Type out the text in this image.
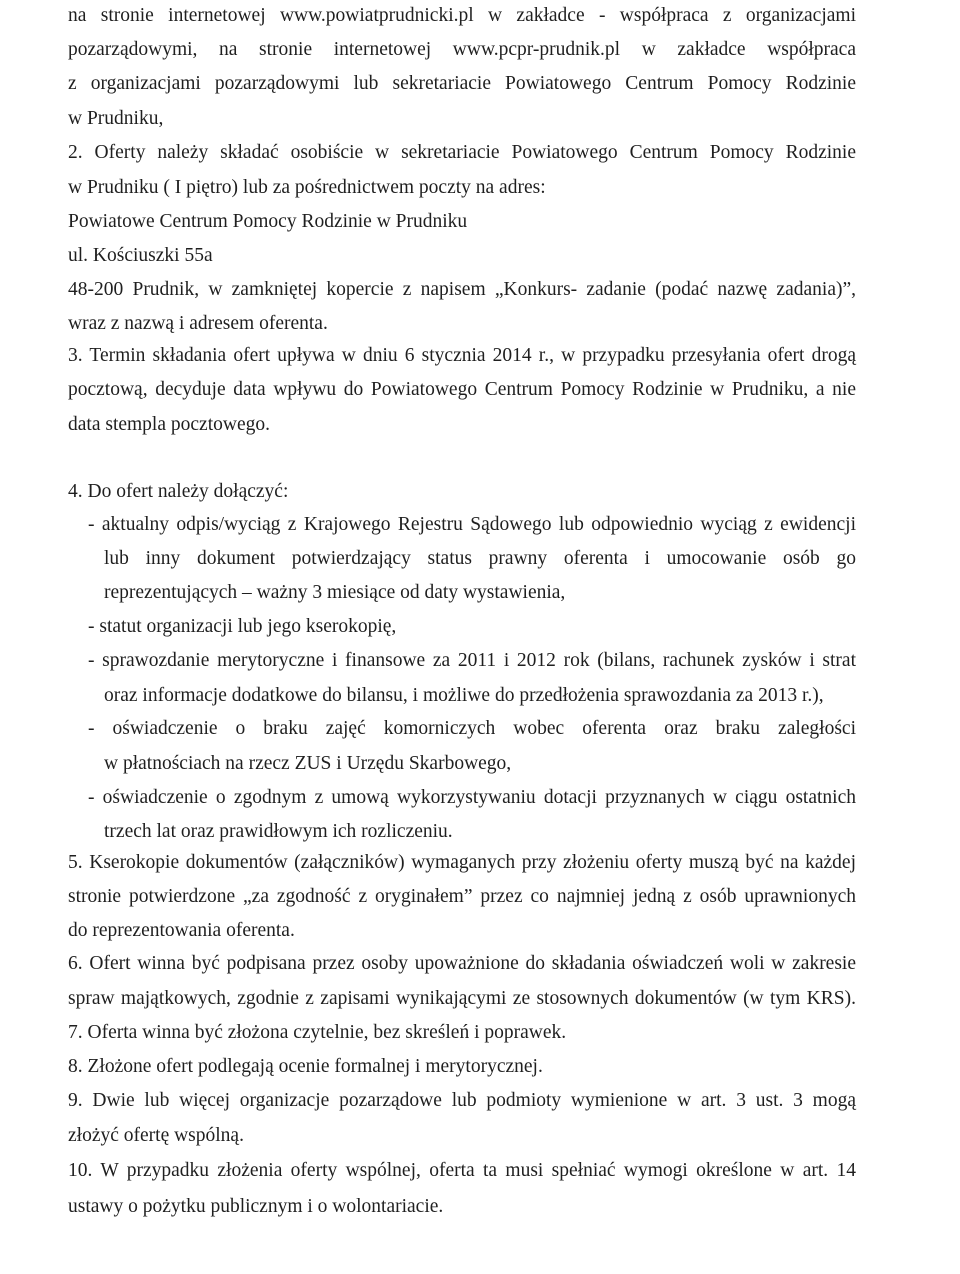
na stronie internetowej www.powiatprudnicki.pl w zakładce - współpraca z organizacjami
pozarządowymi, na stronie internetowej www.pcpr-prudnik.pl w zakładce współpraca
z organizacjami pozarządowymi lub sekretariacie Powiatowego Centrum Pomocy Rodzinie
w Prudniku,
2. Oferty należy składać osobiście w sekretariacie Powiatowego Centrum Pomocy Rodzinie
w Prudniku ( I piętro) lub za pośrednictwem poczty na adres:
Powiatowe Centrum Pomocy Rodzinie w Prudniku
ul. Kościuszki 55a
48-200 Prudnik, w zamkniętej kopercie z napisem „Konkurs- zadanie (podać nazwę zadania)”,
wraz z nazwą i adresem oferenta.
3. Termin składania ofert upływa w dniu 6 stycznia 2014 r., w przypadku przesyłania ofert drogą
pocztową, decyduje data wpływu do Powiatowego Centrum Pomocy Rodzinie w Prudniku, a nie
data stempla pocztowego.
4. Do ofert należy dołączyć:
- aktualny odpis/wyciąg z Krajowego Rejestru Sądowego lub odpowiednio wyciąg z ewidencji
lub inny dokument potwierdzający status prawny oferenta i umocowanie osób go
reprezentujących – ważny 3 miesiące od daty wystawienia,
- statut organizacji lub jego kserokopię,
- sprawozdanie merytoryczne i finansowe za 2011 i 2012 rok (bilans, rachunek zysków i strat
oraz informacje dodatkowe do bilansu, i możliwe do przedłożenia sprawozdania za 2013 r.),
- oświadczenie o braku zajęć komorniczych wobec oferenta oraz braku zaległości
w płatnościach na rzecz ZUS i Urzędu Skarbowego,
- oświadczenie o zgodnym z umową wykorzystywaniu dotacji przyznanych w ciągu ostatnich
trzech lat oraz prawidłowym ich rozliczeniu.
5. Kserokopie dokumentów (załączników) wymaganych przy złożeniu oferty muszą być na każdej
stronie potwierdzone „za zgodność z oryginałem” przez co najmniej jedną z osób uprawnionych
do reprezentowania oferenta.
6. Ofert winna być podpisana przez osoby upoważnione do składania oświadczeń woli w zakresie
spraw majątkowych, zgodnie z zapisami wynikającymi ze stosownych dokumentów (w tym KRS).
7. Oferta winna być złożona czytelnie, bez skreśleń i poprawek.
8. Złożone ofert podlegają ocenie formalnej i merytorycznej.
9. Dwie lub więcej organizacje pozarządowe lub podmioty wymienione w art. 3 ust. 3 mogą
złożyć ofertę wspólną.
10. W przypadku złożenia oferty wspólnej, oferta ta musi spełniać wymogi określone w art. 14
ustawy o pożytku publicznym i o wolontariacie.
